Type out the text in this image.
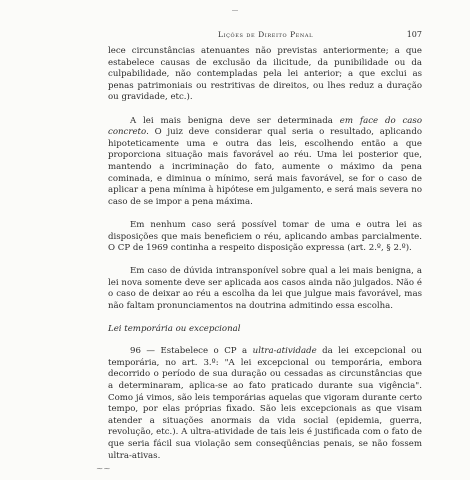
Lições de Direito Penal	107

lece circunstâncias atenuantes não previstas anteriormente; a que estabelece causas de exclusão da ilicitude, da punibilidade ou da culpabilidade, não contempladas pela lei anterior; a que exclui as penas patrimoniais ou restritivas de direitos, ou lhes reduz a duração ou gravidade, etc.).

A lei mais benigna deve ser determinada em face do caso concreto. O juiz deve considerar qual seria o resultado, aplicando hipoteticamente uma e outra das leis, escolhendo então a que proporciona situação mais favorável ao réu. Uma lei posterior que, mantendo a incriminação do fato, aumente o máximo da pena cominada, e diminua o mínimo, será mais favorável, se for o caso de aplicar a pena mínima à hipótese em julgamento, e será mais severa no caso de se impor a pena máxima.

Em nenhum caso será possível tomar de uma e outra lei as disposições que mais beneficiem o réu, aplicando ambas parcialmente. O CP de 1969 continha a respeito disposição expressa (art. 2.º, § 2.º).

Em caso de dúvida intransponível sobre qual a lei mais benigna, a lei nova somente deve ser aplicada aos casos ainda não julgados. Não é o caso de deixar ao réu a escolha da lei que julgue mais favorável, mas não faltam pronunciamentos na doutrina admitindo essa escolha.

Lei temporária ou excepcional

96 — Estabelece o CP a ultra-atividade da lei excepcional ou temporária, no art. 3.º: "A lei excepcional ou temporária, embora decorrido o período de sua duração ou cessadas as circunstâncias que a determinaram, aplica-se ao fato praticado durante sua vigência". Como já vimos, são leis temporárias aquelas que vigoram durante certo tempo, por elas próprias fixado. São leis excepcionais as que visam atender a situações anormais da vida social (epidemia, guerra, revolução, etc.). A ultra-atividade de tais leis é justificada com o fato de que seria fácil sua violação sem conseqüências penais, se não fossem ultra-ativas.

~~
